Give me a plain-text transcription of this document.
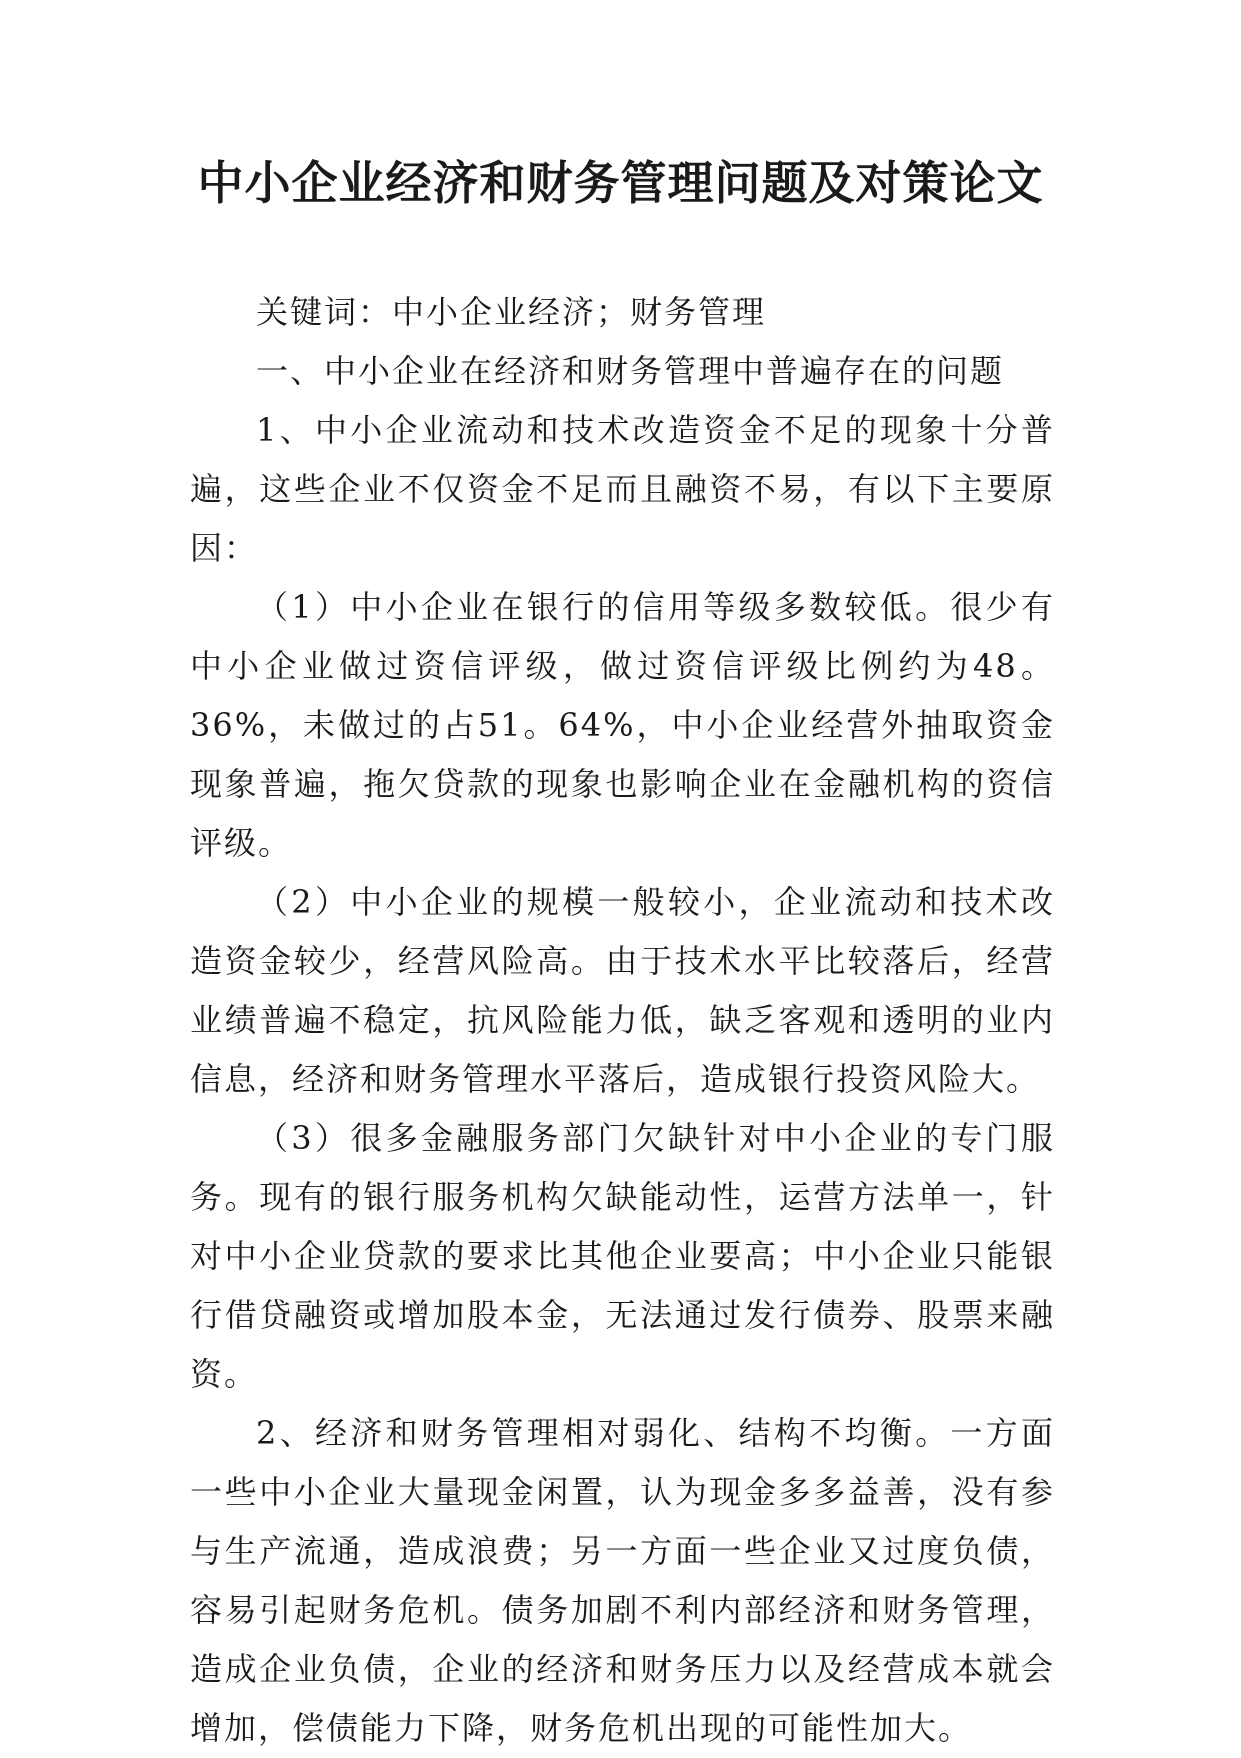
中小企业经济和财务管理问题及对策论文

关键词：中小企业经济；财务管理

一、中小企业在经济和财务管理中普遍存在的问题

1、中小企业流动和技术改造资金不足的现象十分普遍，这些企业不仅资金不足而且融资不易，有以下主要原因：

（1）中小企业在银行的信用等级多数较低。很少有中小企业做过资信评级，做过资信评级比例约为48。36%，未做过的占51。64%，中小企业经营外抽取资金现象普遍，拖欠贷款的现象也影响企业在金融机构的资信评级。

（2）中小企业的规模一般较小，企业流动和技术改造资金较少，经营风险高。由于技术水平比较落后，经营业绩普遍不稳定，抗风险能力低，缺乏客观和透明的业内信息，经济和财务管理水平落后，造成银行投资风险大。

（3）很多金融服务部门欠缺针对中小企业的专门服务。现有的银行服务机构欠缺能动性，运营方法单一，针对中小企业贷款的要求比其他企业要高；中小企业只能银行借贷融资或增加股本金，无法通过发行债券、股票来融资。

2、经济和财务管理相对弱化、结构不均衡。一方面一些中小企业大量现金闲置，认为现金多多益善，没有参与生产流通，造成浪费；另一方面一些企业又过度负债，容易引起财务危机。债务加剧不利内部经济和财务管理，造成企业负债，企业的经济和财务压力以及经营成本就会增加，偿债能力下降，财务危机出现的可能性加大。
